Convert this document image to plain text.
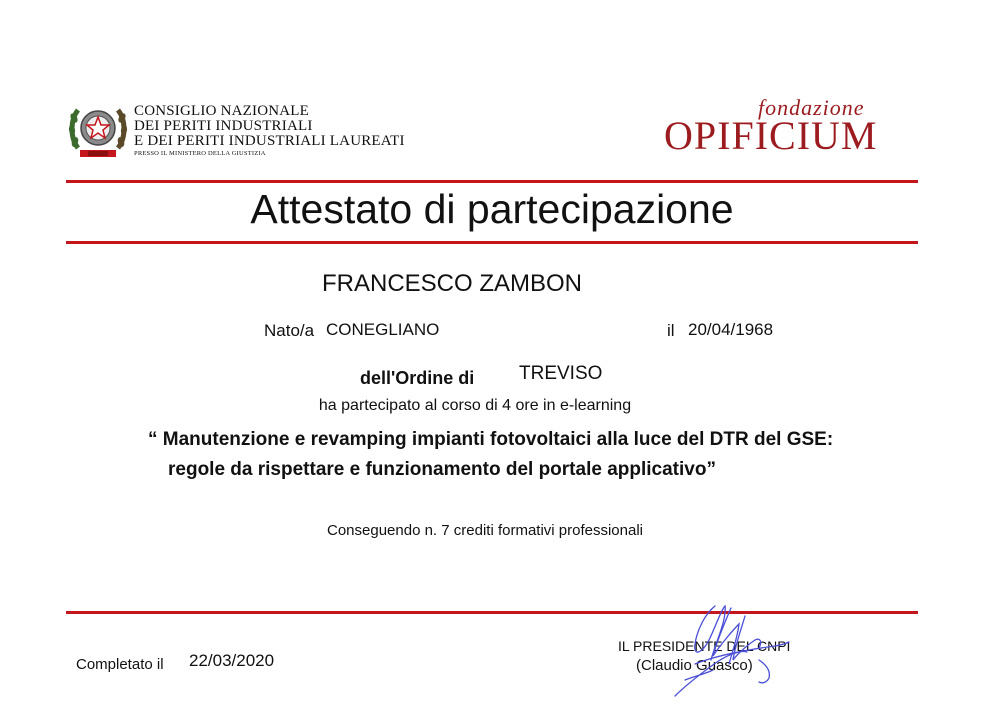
CONSIGLIO NAZIONALE
DEI PERITI INDUSTRIALI
E DEI PERITI INDUSTRIALI LAUREATI
PRESSO IL MINISTERO DELLA GIUSTIZIA
fondazione
OPIFICIUM
Attestato di partecipazione
FRANCESCO ZAMBON
Nato/a CONEGLIANO	il 20/04/1968
dell'Ordine di TREVISO
ha partecipato al corso di 4 ore in e-learning
“ Manutenzione e revamping impianti fotovoltaici alla luce del DTR del GSE:
regole da rispettare e funzionamento del portale applicativo”
Conseguendo n. 7 crediti formativi professionali
Completato il 22/03/2020
IL PRESIDENTE DEL CNPI
(Claudio Guasco)
